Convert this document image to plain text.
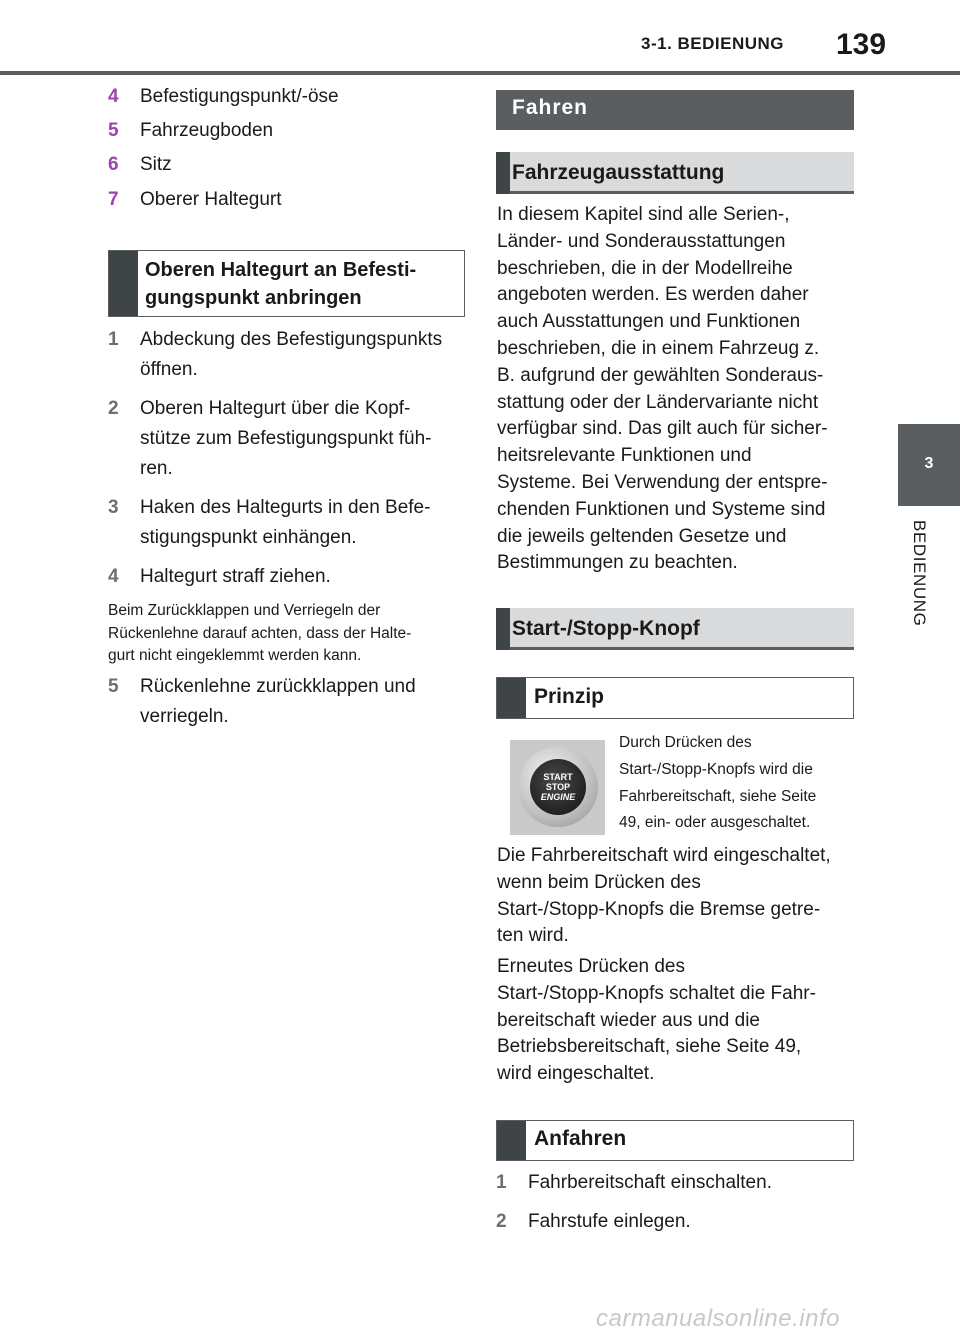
3-1. BEDIENUNG 139
3
BEDIENUNG
4 Befestigungspunkt/-öse
5 Fahrzeugboden
6 Sitz
7 Oberer Haltegurt
Oberen Haltegurt an Befesti-
gungspunkt anbringen
1 Abdeckung des Befestigungspunkts
öffnen.
2 Oberen Haltegurt über die Kopf-
stütze zum Befestigungspunkt füh-
ren.
3 Haken des Haltegurts in den Befe-
stigungspunkt einhängen.
4 Haltegurt straff ziehen.
Beim Zurückklappen und Verriegeln der
Rückenlehne darauf achten, dass der Halte-
gurt nicht eingeklemmt werden kann.
5 Rückenlehne zurückklappen und
verriegeln.
Fahren
Fahrzeugausstattung
In diesem Kapitel sind alle Serien-,
Länder- und Sonderausstattungen
beschrieben, die in der Modellreihe
angeboten werden. Es werden daher
auch Ausstattungen und Funktionen
beschrieben, die in einem Fahrzeug z.
B. aufgrund der gewählten Sonderaus-
stattung oder der Ländervariante nicht
verfügbar sind. Das gilt auch für sicher-
heitsrelevante Funktionen und
Systeme. Bei Verwendung der entspre-
chenden Funktionen und Systeme sind
die jeweils geltenden Gesetze und
Bestimmungen zu beachten.
Start-/Stopp-Knopf
Prinzip
START
STOP
ENGINE
Durch Drücken des
Start-/Stopp-Knopfs wird die
Fahrbereitschaft, siehe Seite
49, ein- oder ausgeschaltet.
Die Fahrbereitschaft wird eingeschaltet,
wenn beim Drücken des
Start-/Stopp-Knopfs die Bremse getre-
ten wird.
Erneutes Drücken des
Start-/Stopp-Knopfs schaltet die Fahr-
bereitschaft wieder aus und die
Betriebsbereitschaft, siehe Seite 49,
wird eingeschaltet.
Anfahren
1 Fahrbereitschaft einschalten.
2 Fahrstufe einlegen.
carmanualsonline.info
